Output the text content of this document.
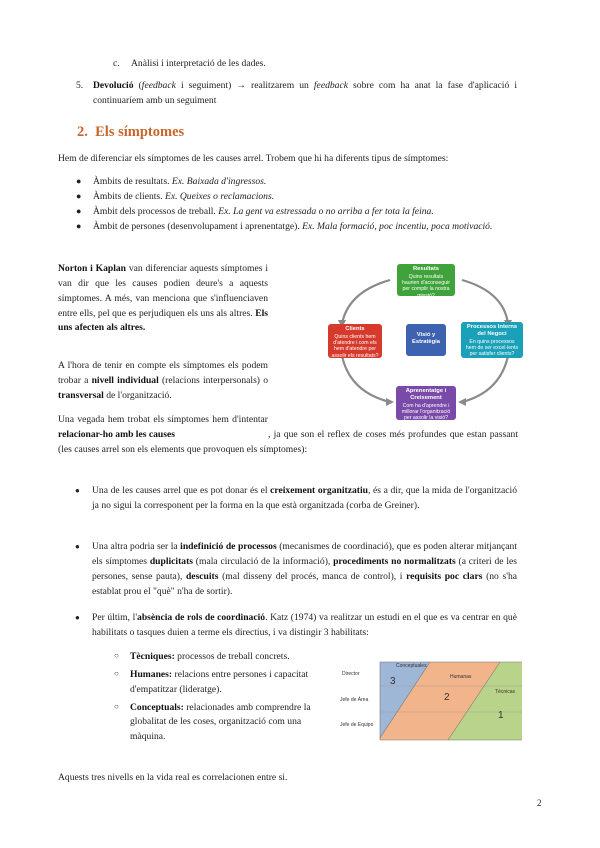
c. Anàlisi i interpretació de les dades.
5. Devolució (feedback i seguiment) → realitzarem un feedback sobre com ha anat la fase d'aplicació i continuaríem amb un seguiment
2. Els símptomes
Hem de diferenciar els símptomes de les causes arrel. Trobem que hi ha diferents tipus de símptomes:
● Àmbits de resultats. Ex. Baixada d'ingressos.
● Àmbits de clients. Ex. Queixes o reclamacions.
● Àmbit dels processos de treball. Ex. La gent va estressada o no arriba a fer tota la feina.
● Àmbit de persones (desenvolupament i aprenentatge). Ex. Mala formació, poc incentiu, poca motivació.
Norton i Kaplan van diferenciar aquests símptomes i van dir que les causes podien deure's a aquests símptomes. A més, van menciona que s'influenciaven entre ells, pel que es perjudiquen els uns als altres. Els uns afecten als altres.
A l'hora de tenir en compte els símptomes els podem trobar a nivell individual (relacions interpersonals) o transversal de l'organització.
Una vegada hem trobat els símptomes hem d'intentar relacionar-ho amb les causes	, ja que son el reflex de coses més profundes que estan passant (les causes arrel son els elements que provoquen els símptomes):
Resultats
Quins resultats haurien d'aconseguir per complir la nostra missió?
Clients
Quins clients hem d'atendre i com els hem d'atendre per assolir els resultats?
Visió y Estratègia
Processos Interns del Negoci
En quins processos hem de ser excel·lents per satisfer clients?
Aprenentatge i Creixement
Com ha d'aprendre i millorar l'organització per assolir la visió?
● Una de les causes arrel que es pot donar és el creixement organitzatiu, és a dir, que la mida de l'organització ja no sigui la corresponent per la forma en la que està organitzada (corba de Greiner).
● Una altra podria ser la indefinició de processos (mecanismes de coordinació), que es poden alterar mitjançant els símptomes duplicitats (mala circulació de la informació), procediments no normalitzats (a criteri de les persones, sense pauta), descuits (mal disseny del procés, manca de control), i requisits poc clars (no s'ha establat prou el "què" n'ha de sortir).
● Per últim, l'absència de rols de coordinació. Katz (1974) va realitzar un estudi en el que es va centrar en què habilitats o tasques duien a terme els directius, i va distingir 3 habilitats:
○ Tècniques: processos de treball concrets.
○ Humanes: relacions entre persones i capacitat d'empatitzar (lideratge).
○ Conceptuals: relacionades amb comprendre la globalitat de les coses, organització com una màquina.
Director
Jefe de Área
Jefe de Equipo
Conceptuales
Humanas
Técnicas
3
2
1
Aquests tres nivells en la vida real es correlacionen entre si.
2
